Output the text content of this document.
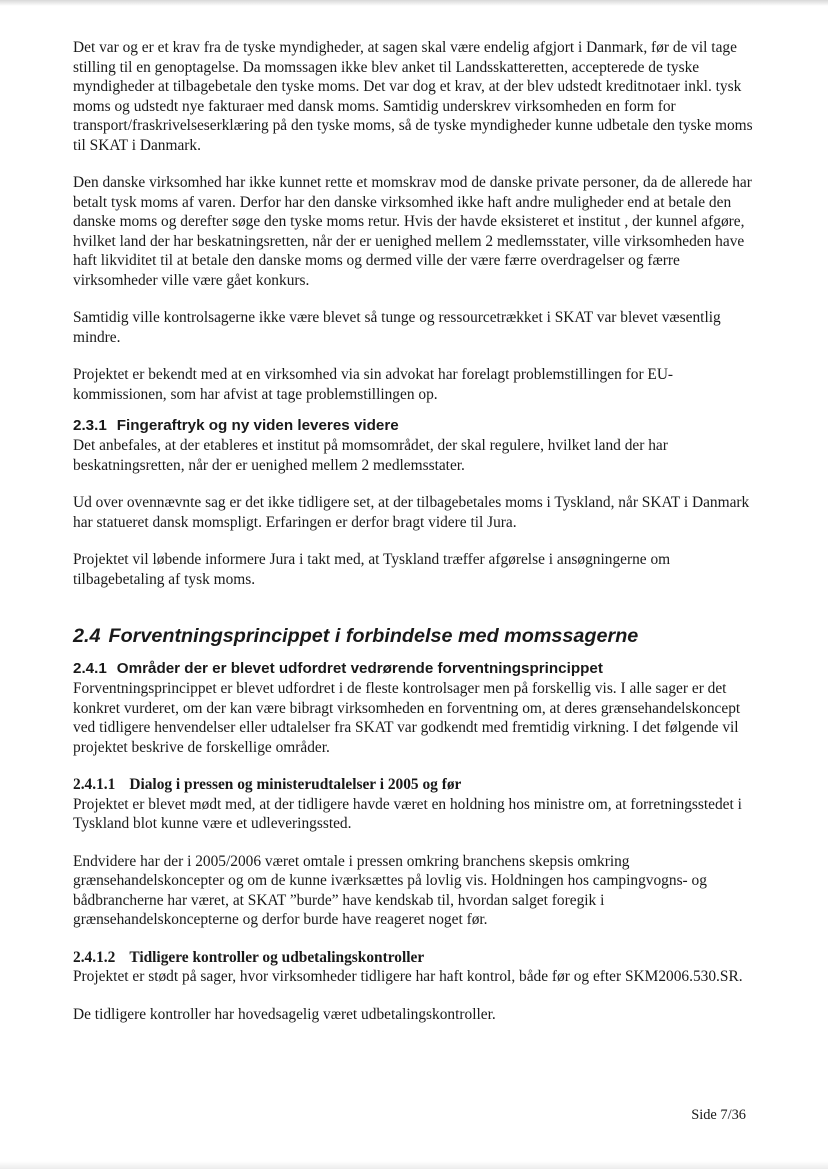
Det var og er et krav fra de tyske myndigheder, at sagen skal være endelig afgjort i Danmark, før de vil tage stilling til en genoptagelse. Da momssagen ikke blev anket til Landsskatteretten, accepterede de tyske myndigheder at tilbagebetale den tyske moms. Det var dog et krav, at der blev udstedt kreditnotaer inkl. tysk moms og udstedt nye fakturaer med dansk moms. Samtidig underskrev virksomheden en form for transport/fraskrivelseserklæring på den tyske moms, så de tyske myndigheder kunne udbetale den tyske moms til SKAT i Danmark.

Den danske virksomhed har ikke kunnet rette et momskrav mod de danske private personer, da de allerede har betalt tysk moms af varen. Derfor har den danske virksomhed ikke haft andre muligheder end at betale den danske moms og derefter søge den tyske moms retur. Hvis der havde eksisteret et institut , der kunnel afgøre, hvilket land der har beskatningsretten, når der er uenighed mellem 2 medlemsstater, ville virksomheden have haft likviditet til at betale den danske moms og dermed ville der være færre overdragelser og færre virksomheder ville være gået konkurs.

Samtidig ville kontrolsagerne ikke være blevet så tunge og ressourcetrækket i SKAT var blevet væsentlig mindre.

Projektet er bekendt med at en virksomhed via sin advokat har forelagt problemstillingen for EU-kommissionen, som har afvist at tage problemstillingen op.

2.3.1 Fingeraftryk og ny viden leveres videre

Det anbefales, at der etableres et institut på momsområdet, der skal regulere, hvilket land der har beskatningsretten, når der er uenighed mellem 2 medlemsstater.

Ud over ovennævnte sag er det ikke tidligere set, at der tilbagebetales moms i Tyskland, når SKAT i Danmark har statueret dansk momspligt. Erfaringen er derfor bragt videre til Jura.

Projektet vil løbende informere Jura i takt med, at Tyskland træffer afgørelse i ansøgningerne om tilbagebetaling af tysk moms.

2.4 Forventningsprincippet i forbindelse med momssagerne
2.4.1 Områder der er blevet udfordret vedrørende forventningsprincippet

Forventningsprincippet er blevet udfordret i de fleste kontrolsager men på forskellig vis. I alle sager er det konkret vurderet, om der kan være bibragt virksomheden en forventning om, at deres grænsehandelskoncept ved tidligere henvendelser eller udtalelser fra SKAT var godkendt med fremtidig virkning. I det følgende vil projektet beskrive de forskellige områder.

2.4.1.1 Dialog i pressen og ministerudtalelser i 2005 og før

Projektet er blevet mødt med, at der tidligere havde været en holdning hos ministre om, at forretningsstedet i Tyskland blot kunne være et udleveringssted.

Endvidere har der i 2005/2006 været omtale i pressen omkring branchens skepsis omkring grænsehandelskoncepter og om de kunne iværksættes på lovlig vis. Holdningen hos campingvogns- og bådbrancherne har været, at SKAT ”burde” have kendskab til, hvordan salget foregik i grænsehandelskoncepterne og derfor burde have reageret noget før.

2.4.1.2 Tidligere kontroller og udbetalingskontroller

Projektet er stødt på sager, hvor virksomheder tidligere har haft kontrol, både før og efter SKM2006.530.SR.

De tidligere kontroller har hovedsagelig været udbetalingskontroller.

Side 7/36
